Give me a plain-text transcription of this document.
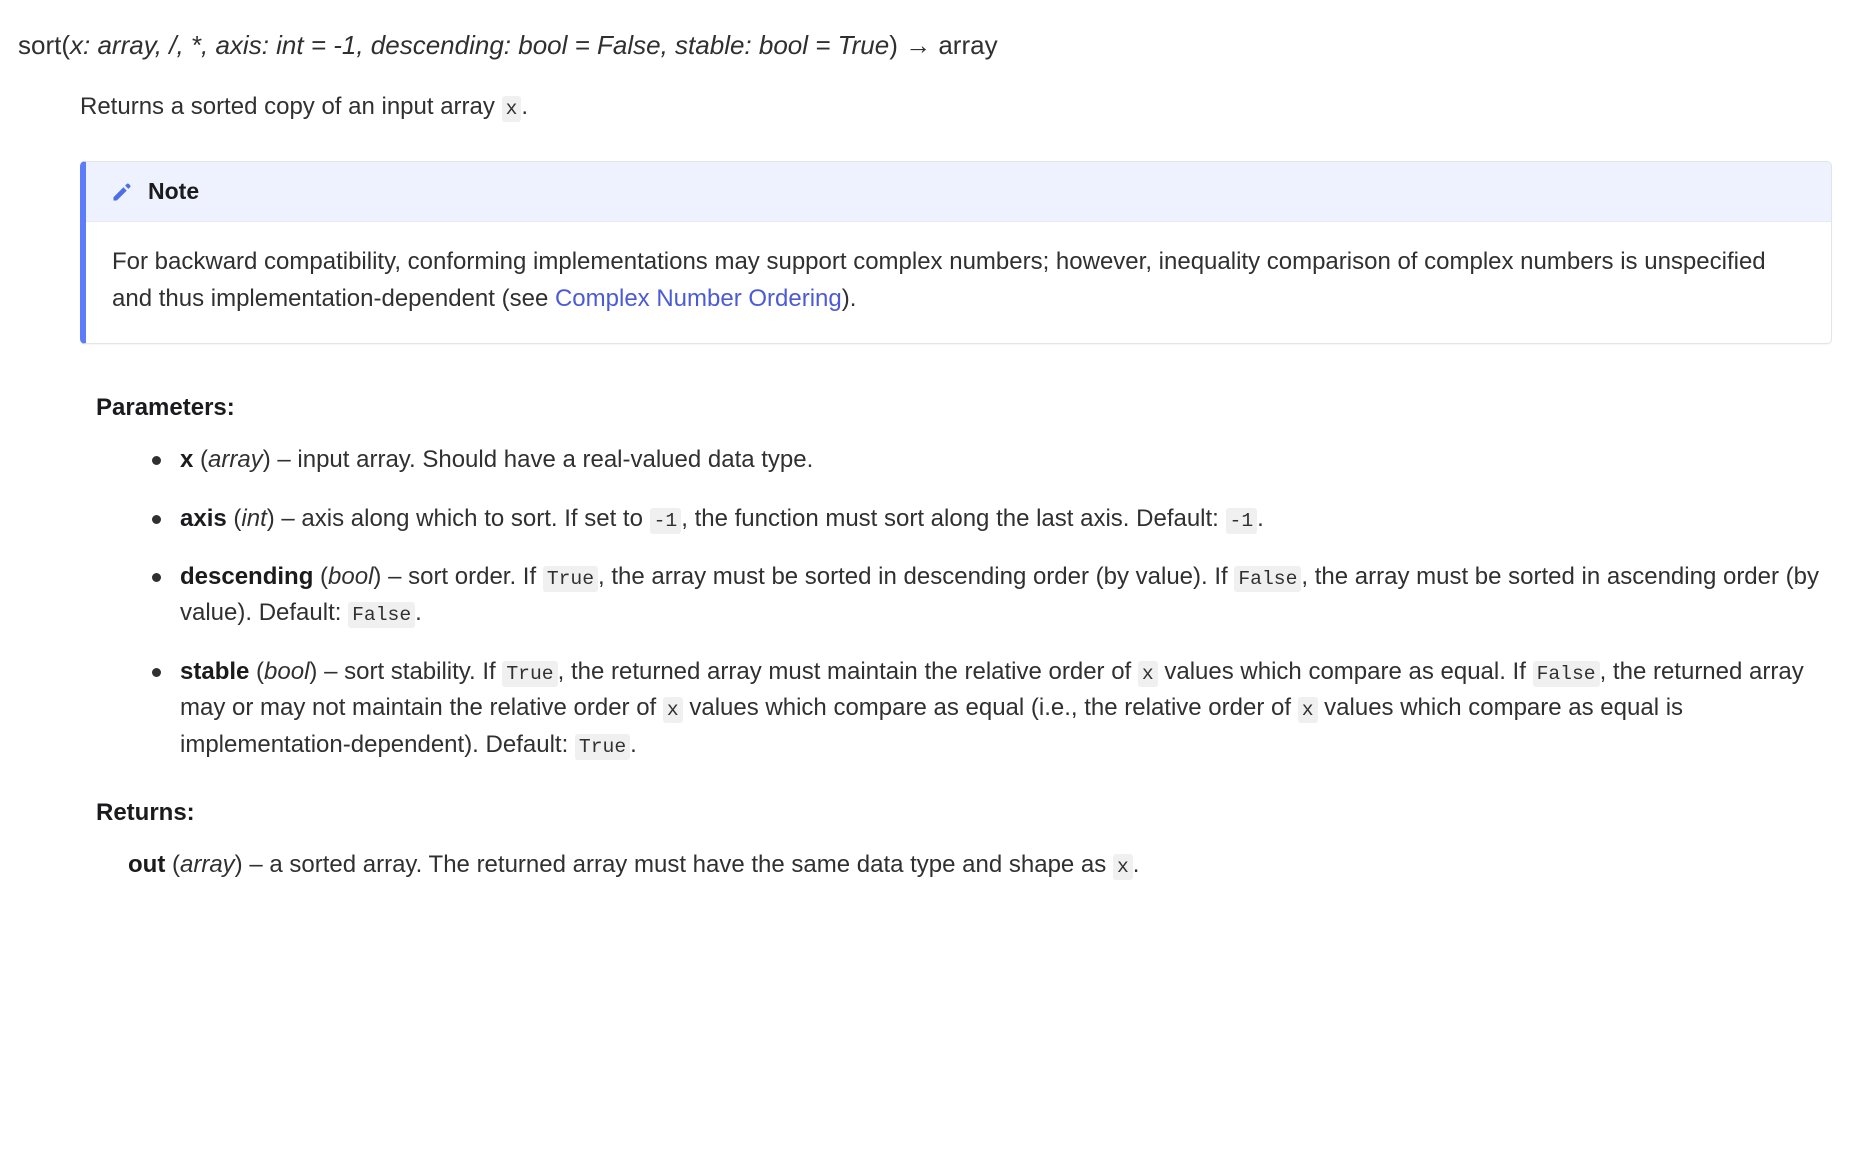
sort(x: array, /, *, axis: int = -1, descending: bool = False, stable: bool = True) → array

Returns a sorted copy of an input array x .

Note
For backward compatibility, conforming implementations may support complex numbers; however, inequality comparison of complex numbers is unspecified and thus implementation-dependent (see Complex Number Ordering).
Parameters:
x (array) – input array. Should have a real-valued data type.
axis (int) – axis along which to sort. If set to -1 , the function must sort along the last axis. Default: -1 .
descending (bool) – sort order. If True , the array must be sorted in descending order (by value). If False , the array must be sorted in ascending order (by value). Default: False .
stable (bool) – sort stability. If True , the returned array must maintain the relative order of x values which compare as equal. If False , the returned array may or may not maintain the relative order of x values which compare as equal (i.e., the relative order of x values which compare as equal is implementation-dependent). Default: True .
Returns:
out (array) – a sorted array. The returned array must have the same data type and shape as x .
